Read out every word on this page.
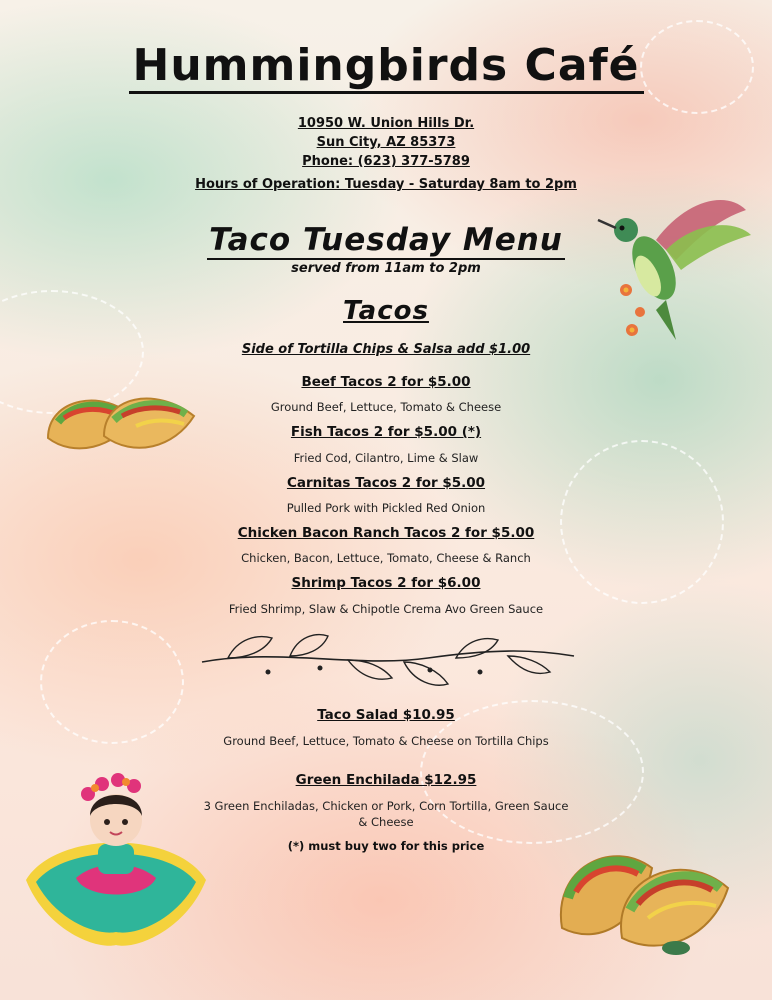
Hummingbirds Café
10950 W. Union Hills Dr.
Sun City, AZ 85373
Phone: (623) 377-5789
Hours of Operation: Tuesday - Saturday 8am to 2pm
Taco Tuesday Menu
served from 11am to 2pm
Tacos
Side of Tortilla Chips & Salsa add $1.00
Beef Tacos 2 for $5.00
Ground Beef, Lettuce, Tomato & Cheese
Fish Tacos 2 for $5.00 (*)
Fried Cod, Cilantro, Lime & Slaw
Carnitas Tacos 2 for $5.00
Pulled Pork with Pickled Red Onion
Chicken Bacon Ranch Tacos 2 for $5.00
Chicken, Bacon, Lettuce, Tomato, Cheese & Ranch
Shrimp Tacos 2 for $6.00
Fried Shrimp, Slaw & Chipotle Crema Avo Green Sauce
Taco Salad $10.95
Ground Beef, Lettuce, Tomato & Cheese on Tortilla Chips
Green Enchilada $12.95
3 Green Enchiladas, Chicken or Pork, Corn Tortilla, Green Sauce & Cheese
(*) must buy two for this price
